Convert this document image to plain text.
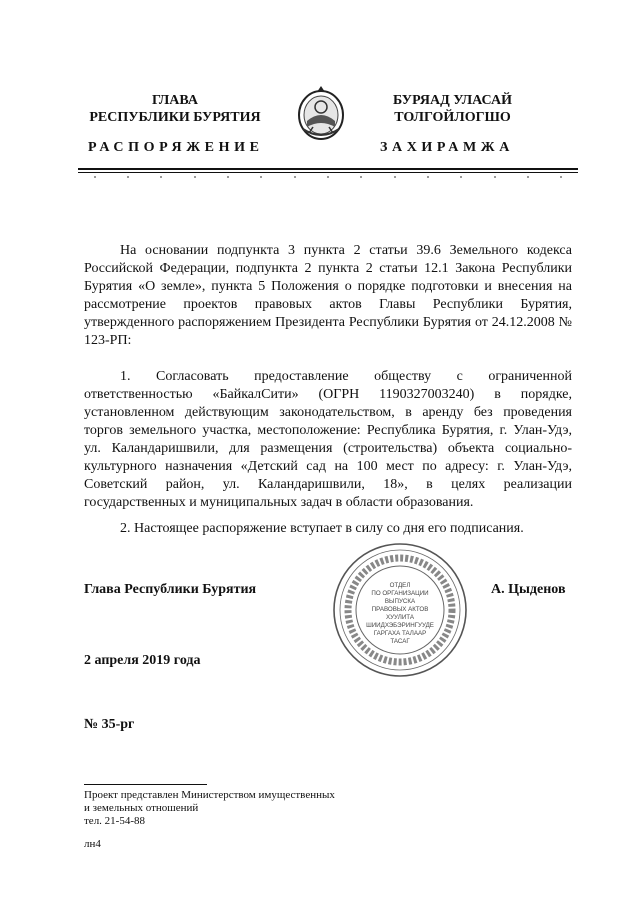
ГЛАВА
РЕСПУБЛИКИ БУРЯТИЯ
БУРЯАД УЛАСАЙ
ТОЛГОЙЛОГШО
РАСПОРЯЖЕНИЕ	ЗАХИРАМЖА

На основании подпункта 3 пункта 2 статьи 39.6 Земельного кодекса Российской Федерации, подпункта 2 пункта 2 статьи 12.1 Закона Республики Бурятия «О земле», пункта 5 Положения о порядке подготовки и внесения на рассмотрение проектов правовых актов Главы Республики Бурятия, утвержденного распоряжением Президента Республики Бурятия от 24.12.2008 № 123-РП:

1. Согласовать предоставление обществу с ограниченной ответственностью «БайкалСити» (ОГРН 1190327003240) в порядке, установленном действующим законодательством, в аренду без проведения торгов земельного участка, местоположение: Республика Бурятия, г. Улан-Удэ, ул. Каландаришвили, для размещения (строительства) объекта социально-культурного назначения «Детский сад на 100 мест по адресу: г. Улан-Удэ, Советский район, ул. Каландаришвили, 18», в целях реализации государственных и муниципальных задач в области образования.

2. Настоящее распоряжение вступает в силу со дня его подписания.

Глава Республики Бурятия	ОТДЕЛ
ПО ОРГАНИЗАЦИИ
ВЫПУСКА
ПРАВОВЫХ АКТОВ
ХУУЛИТА
ШИИДХЭБЭРИНГУУДЕ
ГАРГАХА ТАЛААР
ТАСАГ
А. Цыденов
2 апреля 2019 года
№ 35-рг
Проект представлен Министерством имущественных
и земельных отношений
тел. 21-54-88
лн4
